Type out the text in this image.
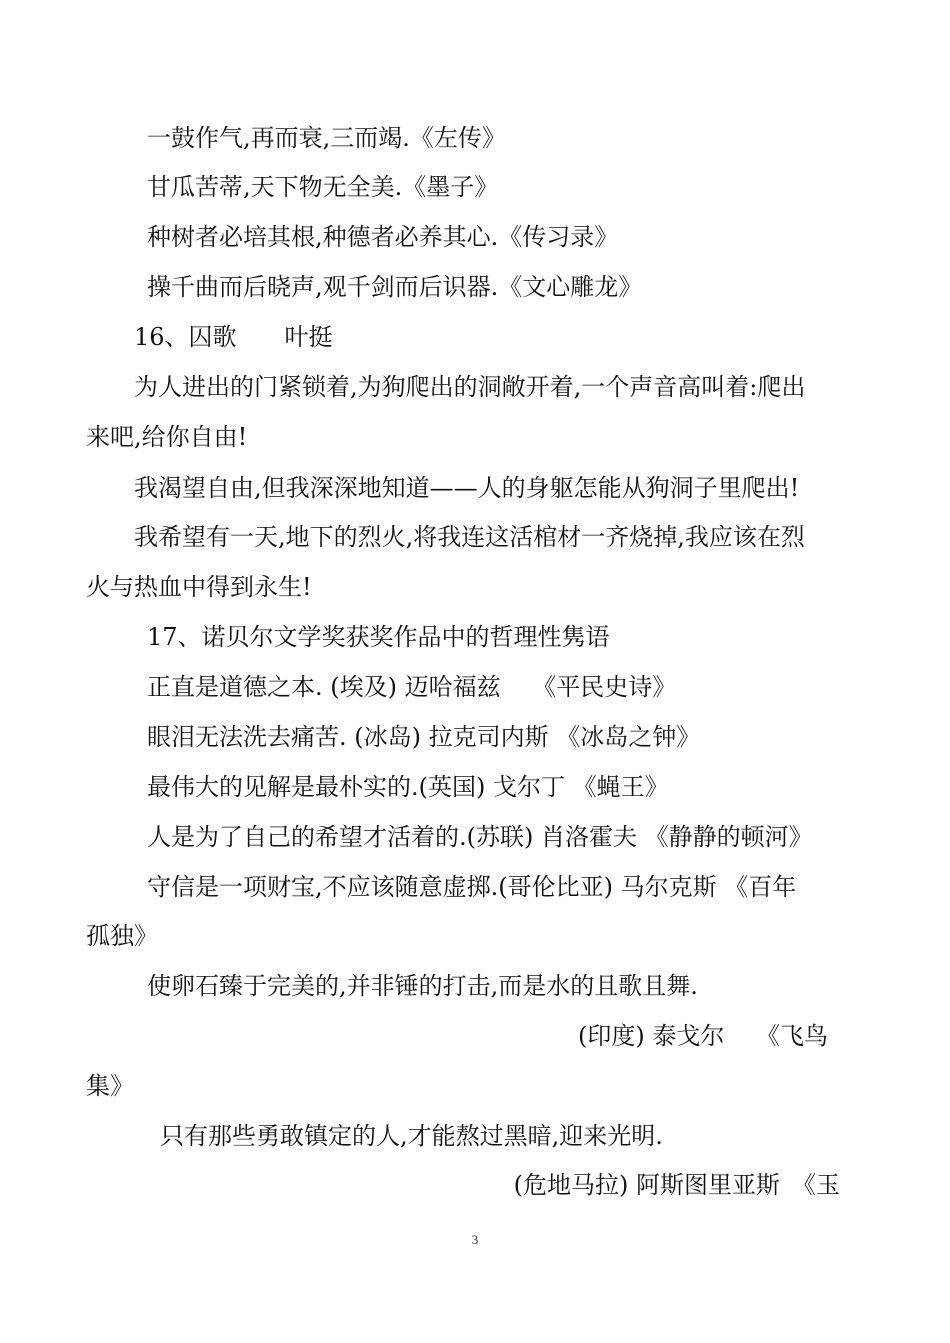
一鼓作气,再而衰,三而竭.《左传》
甘瓜苦蒂,天下物无全美.《墨子》
种树者必培其根,种德者必养其心.《传习录》
操千曲而后晓声,观千剑而后识器.《文心雕龙》
16、囚歌　　叶挺
为人进出的门紧锁着,为狗爬出的洞敞开着,一个声音高叫着:爬出
来吧,给你自由!
我渴望自由,但我深深地知道——人的身躯怎能从狗洞子里爬出!
我希望有一天,地下的烈火,将我连这活棺材一齐烧掉,我应该在烈
火与热血中得到永生!
17、诺贝尔文学奖获奖作品中的哲理性隽语
正直是道德之本. (埃及) 迈哈福兹　 《平民史诗》
眼泪无法洗去痛苦. (冰岛) 拉克司内斯 《冰岛之钟》
最伟大的见解是最朴实的.(英国) 戈尔丁 《蝇王》
人是为了自己的希望才活着的.(苏联) 肖洛霍夫 《静静的顿河》
守信是一项财宝,不应该随意虚掷.(哥伦比亚) 马尔克斯 《百年
孤独》
使卵石臻于完美的,并非锤的打击,而是水的且歌且舞.
(印度) 泰戈尔　 《飞鸟
集》
只有那些勇敢镇定的人,才能熬过黑暗,迎来光明.
(危地马拉) 阿斯图里亚斯　《玉
3
